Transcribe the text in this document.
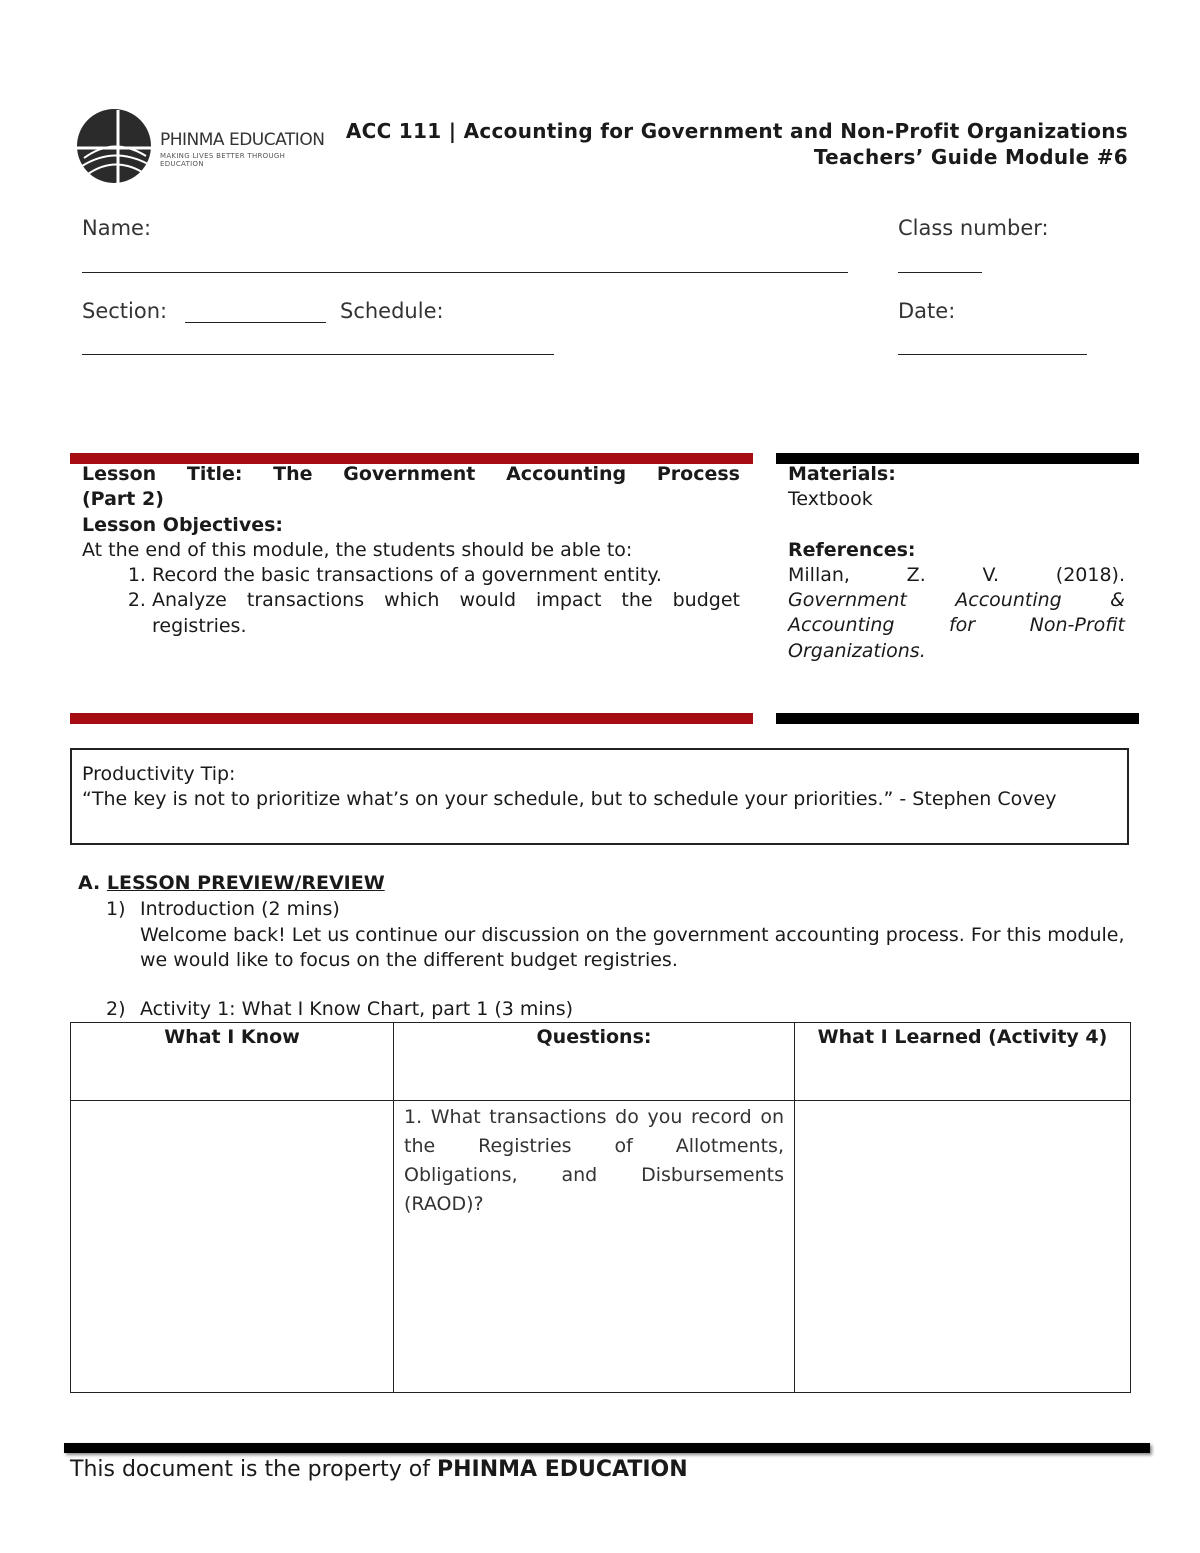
PHINMA EDUCATION
MAKING LIVES BETTER THROUGH EDUCATION
ACC 111 | Accounting for Government and Non-Profit Organizations
Teachers’ Guide Module #6
Name:	Class number:
Section:	Schedule:	Date:
Lesson Title: The Government Accounting Process
(Part 2)
Lesson Objectives:
At the end of this module, the students should be able to:
1. Record the basic transactions of a government entity.
2. Analyze transactions which would impact the budget registries.
Materials:
Textbook
References:
Millan, Z. V. (2018).
Government Accounting & Accounting for Non-Profit Organizations.
Productivity Tip:
“The key is not to prioritize what’s on your schedule, but to schedule your priorities.” - Stephen Covey
A. LESSON PREVIEW/REVIEW
1) Introduction (2 mins)
Welcome back! Let us continue our discussion on the government accounting process. For this module, we would like to focus on the different budget registries.
2) Activity 1: What I Know Chart, part 1 (3 mins)
What I Know	Questions:	What I Learned (Activity 4)
	1. What transactions do you record on the Registries of Allotments, Obligations, and Disbursements (RAOD)?	
This document is the property of PHINMA EDUCATION
